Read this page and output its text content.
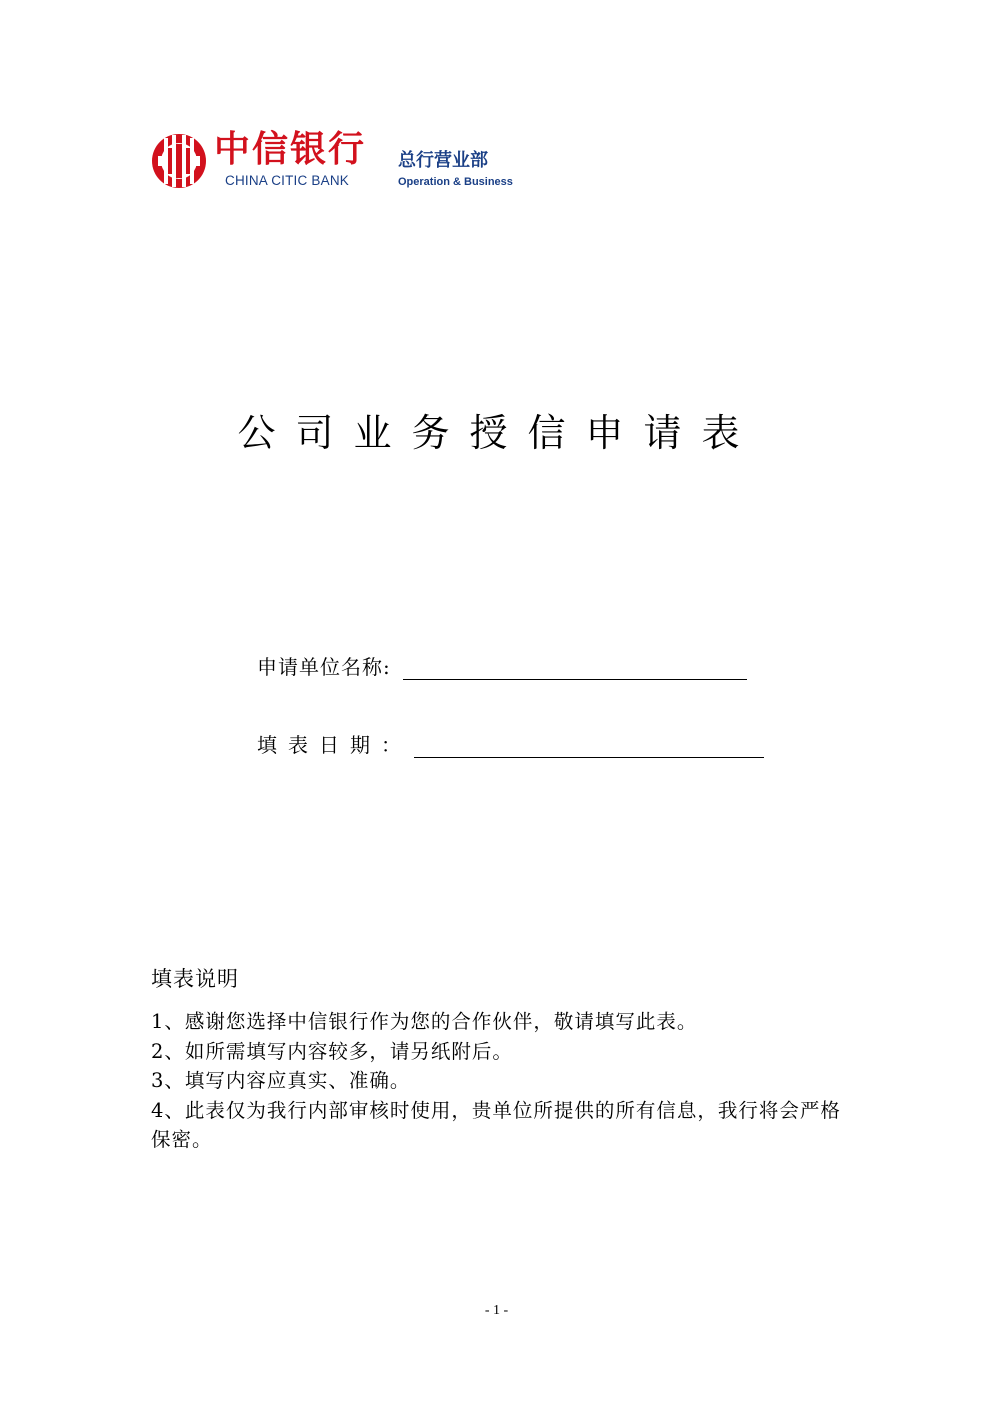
中信银行
CHINA CITIC BANK
总行营业部
Operation & Business
公司业务授信申请表
申请单位名称:
填表日期：
填表说明

1、感谢您选择中信银行作为您的合作伙伴，敬请填写此表。

2、如所需填写内容较多，请另纸附后。

3、填写内容应真实、准确。

4、此表仅为我行内部审核时使用，贵单位所提供的所有信息，我行将会严格保密。

- 1 -
